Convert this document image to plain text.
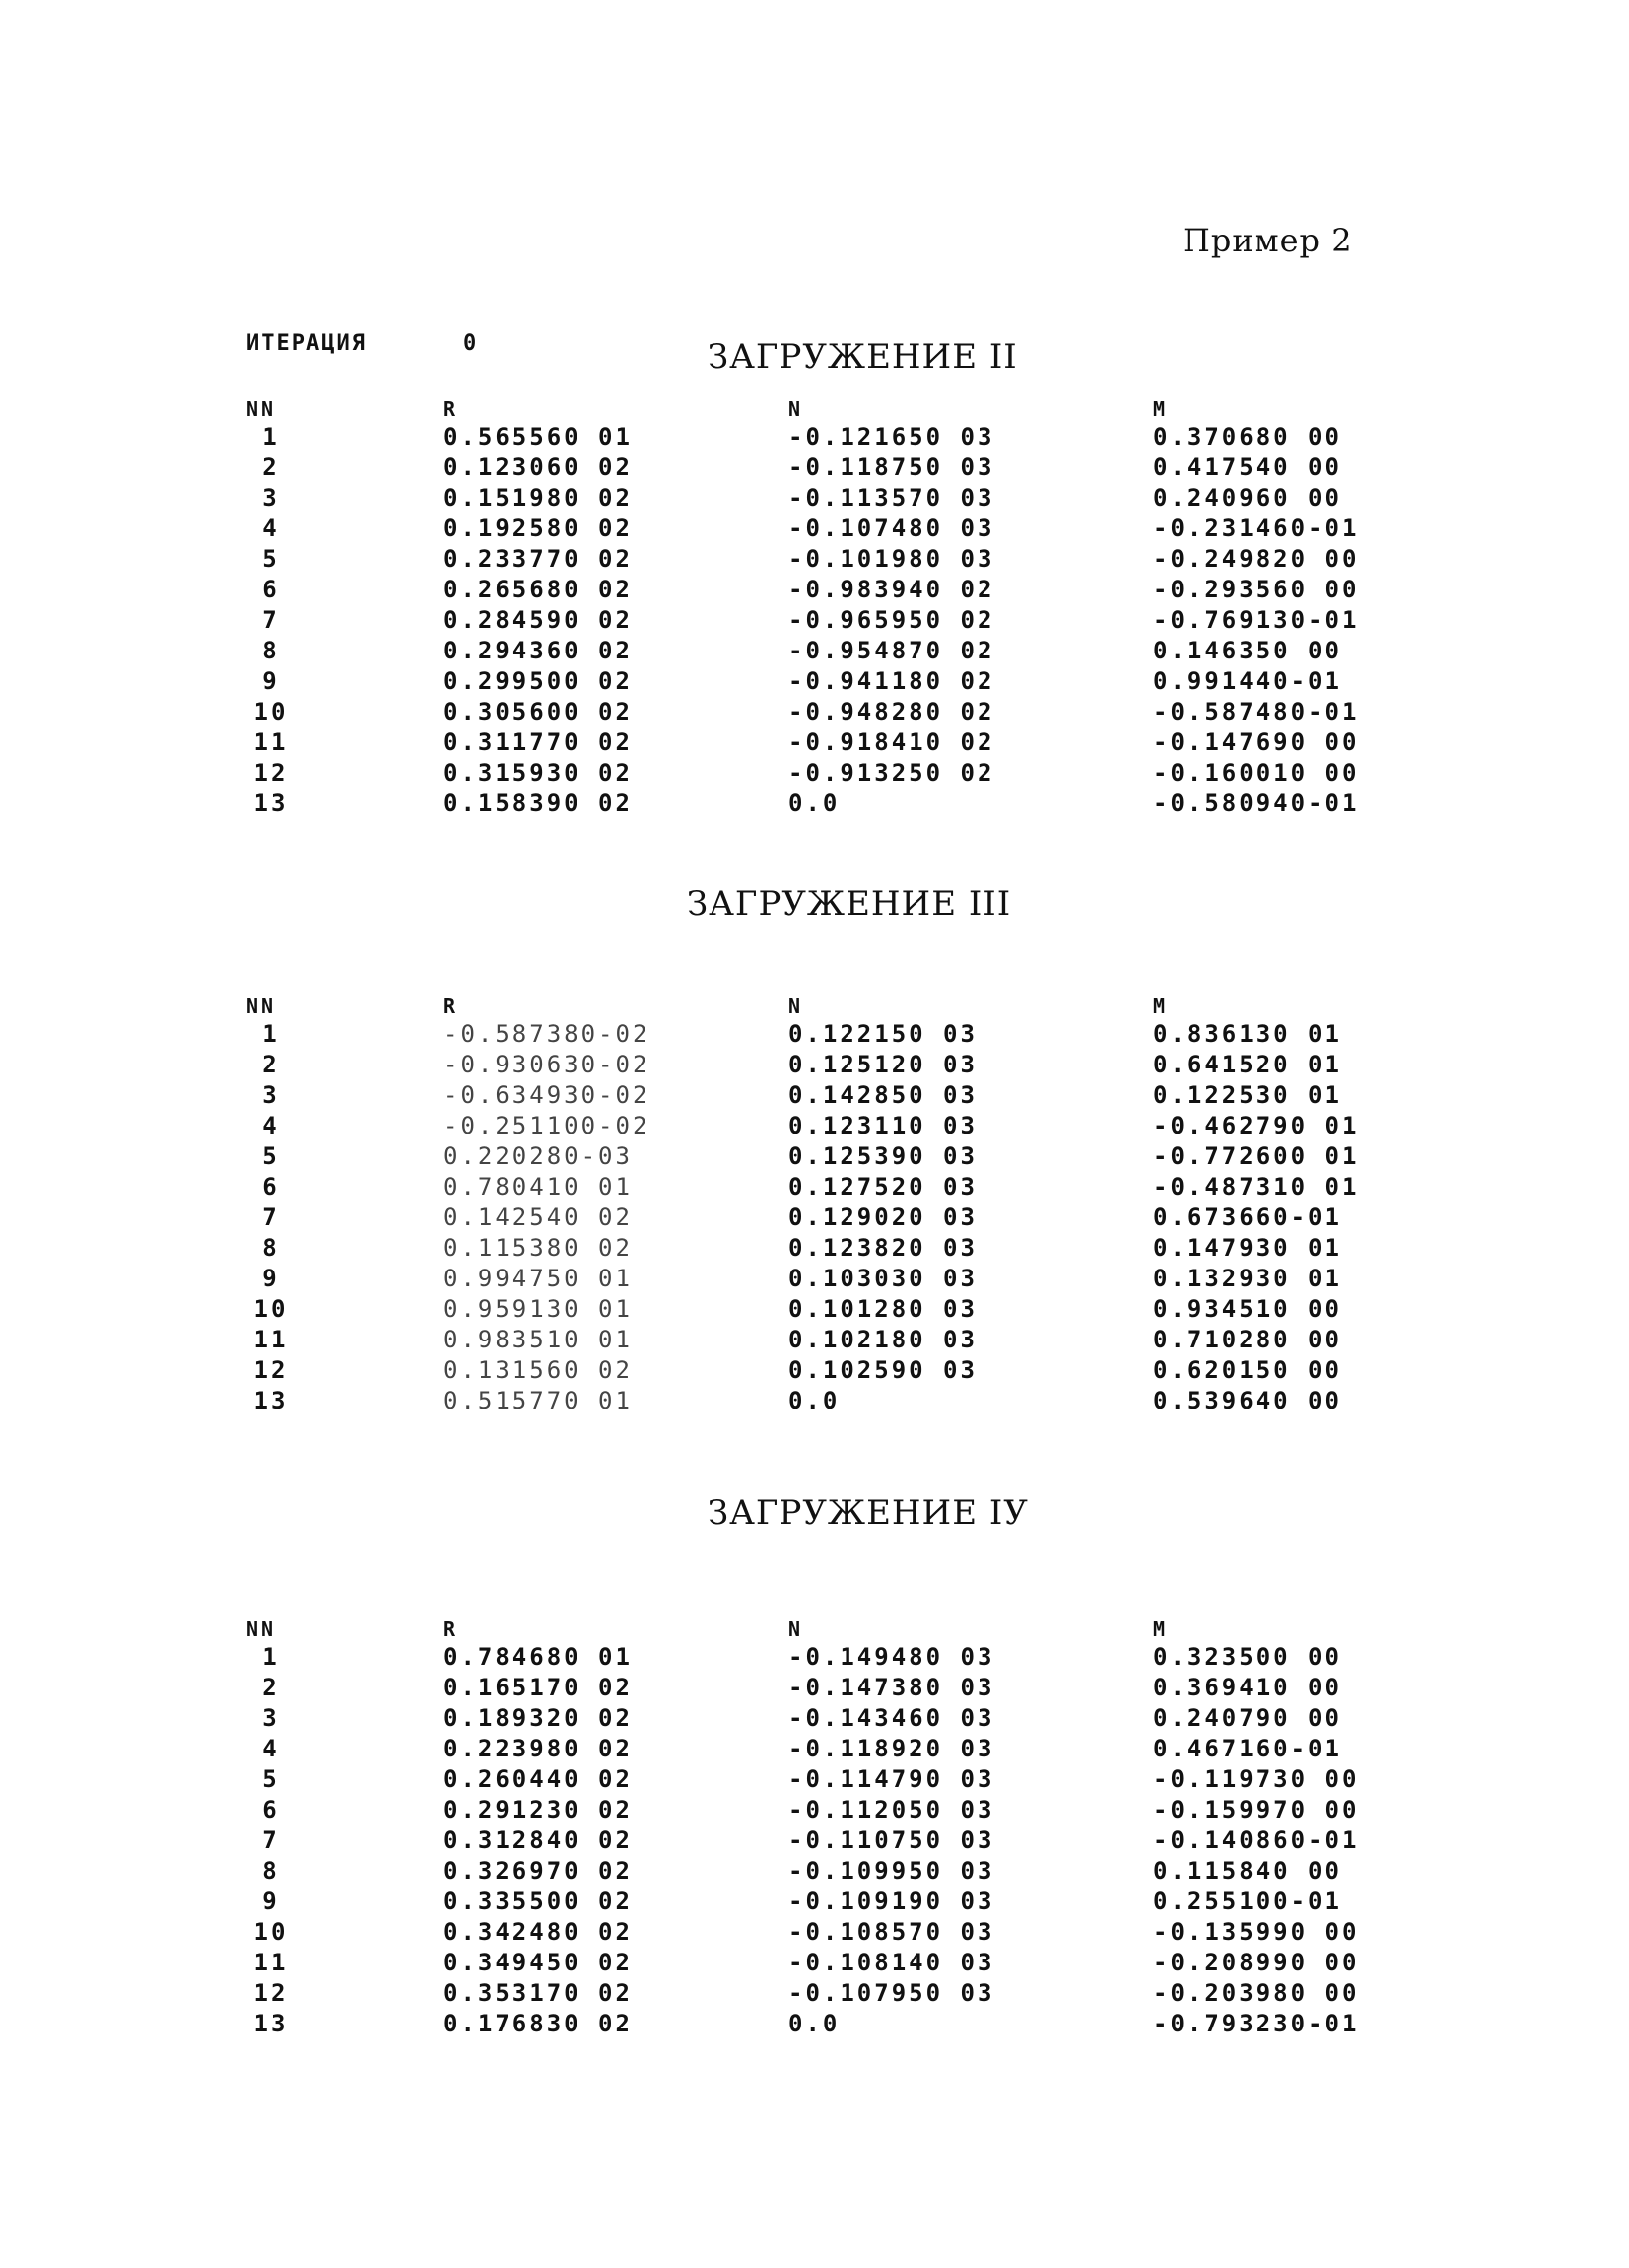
Пример 2
ИТЕРАЦИЯ	0	ЗАГРУЖЕНИЕ II
NN	R	N	M
1	0.565560 01	-0.121650 03	0.370680 00
2	0.123060 02	-0.118750 03	0.417540 00
3	0.151980 02	-0.113570 03	0.240960 00
4	0.192580 02	-0.107480 03	-0.231460-01
5	0.233770 02	-0.101980 03	-0.249820 00
6	0.265680 02	-0.983940 02	-0.293560 00
7	0.284590 02	-0.965950 02	-0.769130-01
8	0.294360 02	-0.954870 02	0.146350 00
9	0.299500 02	-0.941180 02	0.991440-01
10	0.305600 02	-0.948280 02	-0.587480-01
11	0.311770 02	-0.918410 02	-0.147690 00
12	0.315930 02	-0.913250 02	-0.160010 00
13	0.158390 02	0.0	-0.580940-01
ЗАГРУЖЕНИЕ III
NN	R	N	M
1	-0.587380-02	0.122150 03	0.836130 01
2	-0.930630-02	0.125120 03	0.641520 01
3	-0.634930-02	0.142850 03	0.122530 01
4	-0.251100-02	0.123110 03	-0.462790 01
5	0.220280-03	0.125390 03	-0.772600 01
6	0.780410 01	0.127520 03	-0.487310 01
7	0.142540 02	0.129020 03	0.673660-01
8	0.115380 02	0.123820 03	0.147930 01
9	0.994750 01	0.103030 03	0.132930 01
10	0.959130 01	0.101280 03	0.934510 00
11	0.983510 01	0.102180 03	0.710280 00
12	0.131560 02	0.102590 03	0.620150 00
13	0.515770 01	0.0	0.539640 00
ЗАГРУЖЕНИЕ IУ
NN	R	N	M
1	0.784680 01	-0.149480 03	0.323500 00
2	0.165170 02	-0.147380 03	0.369410 00
3	0.189320 02	-0.143460 03	0.240790 00
4	0.223980 02	-0.118920 03	0.467160-01
5	0.260440 02	-0.114790 03	-0.119730 00
6	0.291230 02	-0.112050 03	-0.159970 00
7	0.312840 02	-0.110750 03	-0.140860-01
8	0.326970 02	-0.109950 03	0.115840 00
9	0.335500 02	-0.109190 03	0.255100-01
10	0.342480 02	-0.108570 03	-0.135990 00
11	0.349450 02	-0.108140 03	-0.208990 00
12	0.353170 02	-0.107950 03	-0.203980 00
13	0.176830 02	0.0	-0.793230-01
